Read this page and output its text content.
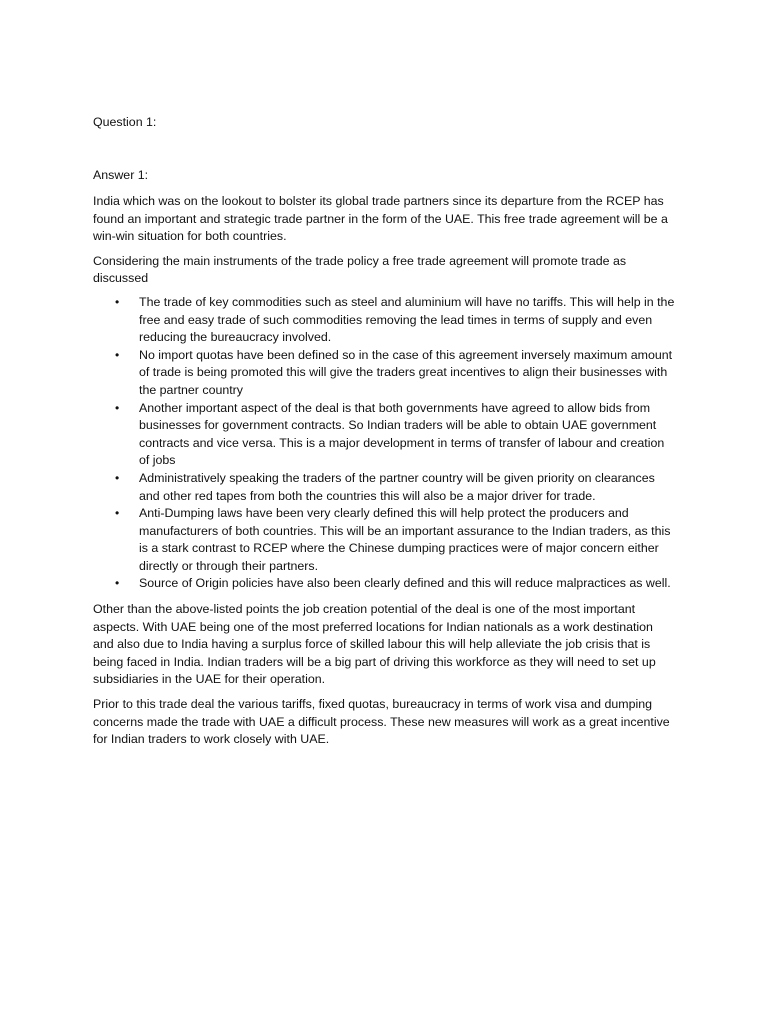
Question 1:

Answer 1:

India which was on the lookout to bolster its global trade partners since its departure from the RCEP has found an important and strategic trade partner in the form of the UAE. This free trade agreement will be a win-win situation for both countries.

Considering the main instruments of the trade policy a free trade agreement will promote trade as discussed

• The trade of key commodities such as steel and aluminium will have no tariffs. This will help in the free and easy trade of such commodities removing the lead times in terms of supply and even reducing the bureaucracy involved.
• No import quotas have been defined so in the case of this agreement inversely maximum amount of trade is being promoted this will give the traders great incentives to align their businesses with the partner country
• Another important aspect of the deal is that both governments have agreed to allow bids from businesses for government contracts. So Indian traders will be able to obtain UAE government contracts and vice versa. This is a major development in terms of transfer of labour and creation of jobs
• Administratively speaking the traders of the partner country will be given priority on clearances and other red tapes from both the countries this will also be a major driver for trade.
• Anti-Dumping laws have been very clearly defined this will help protect the producers and manufacturers of both countries. This will be an important assurance to the Indian traders, as this is a stark contrast to RCEP where the Chinese dumping practices were of major concern either directly or through their partners.
• Source of Origin policies have also been clearly defined and this will reduce malpractices as well.

Other than the above-listed points the job creation potential of the deal is one of the most important aspects. With UAE being one of the most preferred locations for Indian nationals as a work destination and also due to India having a surplus force of skilled labour this will help alleviate the job crisis that is being faced in India. Indian traders will be a big part of driving this workforce as they will need to set up subsidiaries in the UAE for their operation.

Prior to this trade deal the various tariffs, fixed quotas, bureaucracy in terms of work visa and dumping concerns made the trade with UAE a difficult process. These new measures will work as a great incentive for Indian traders to work closely with UAE.
